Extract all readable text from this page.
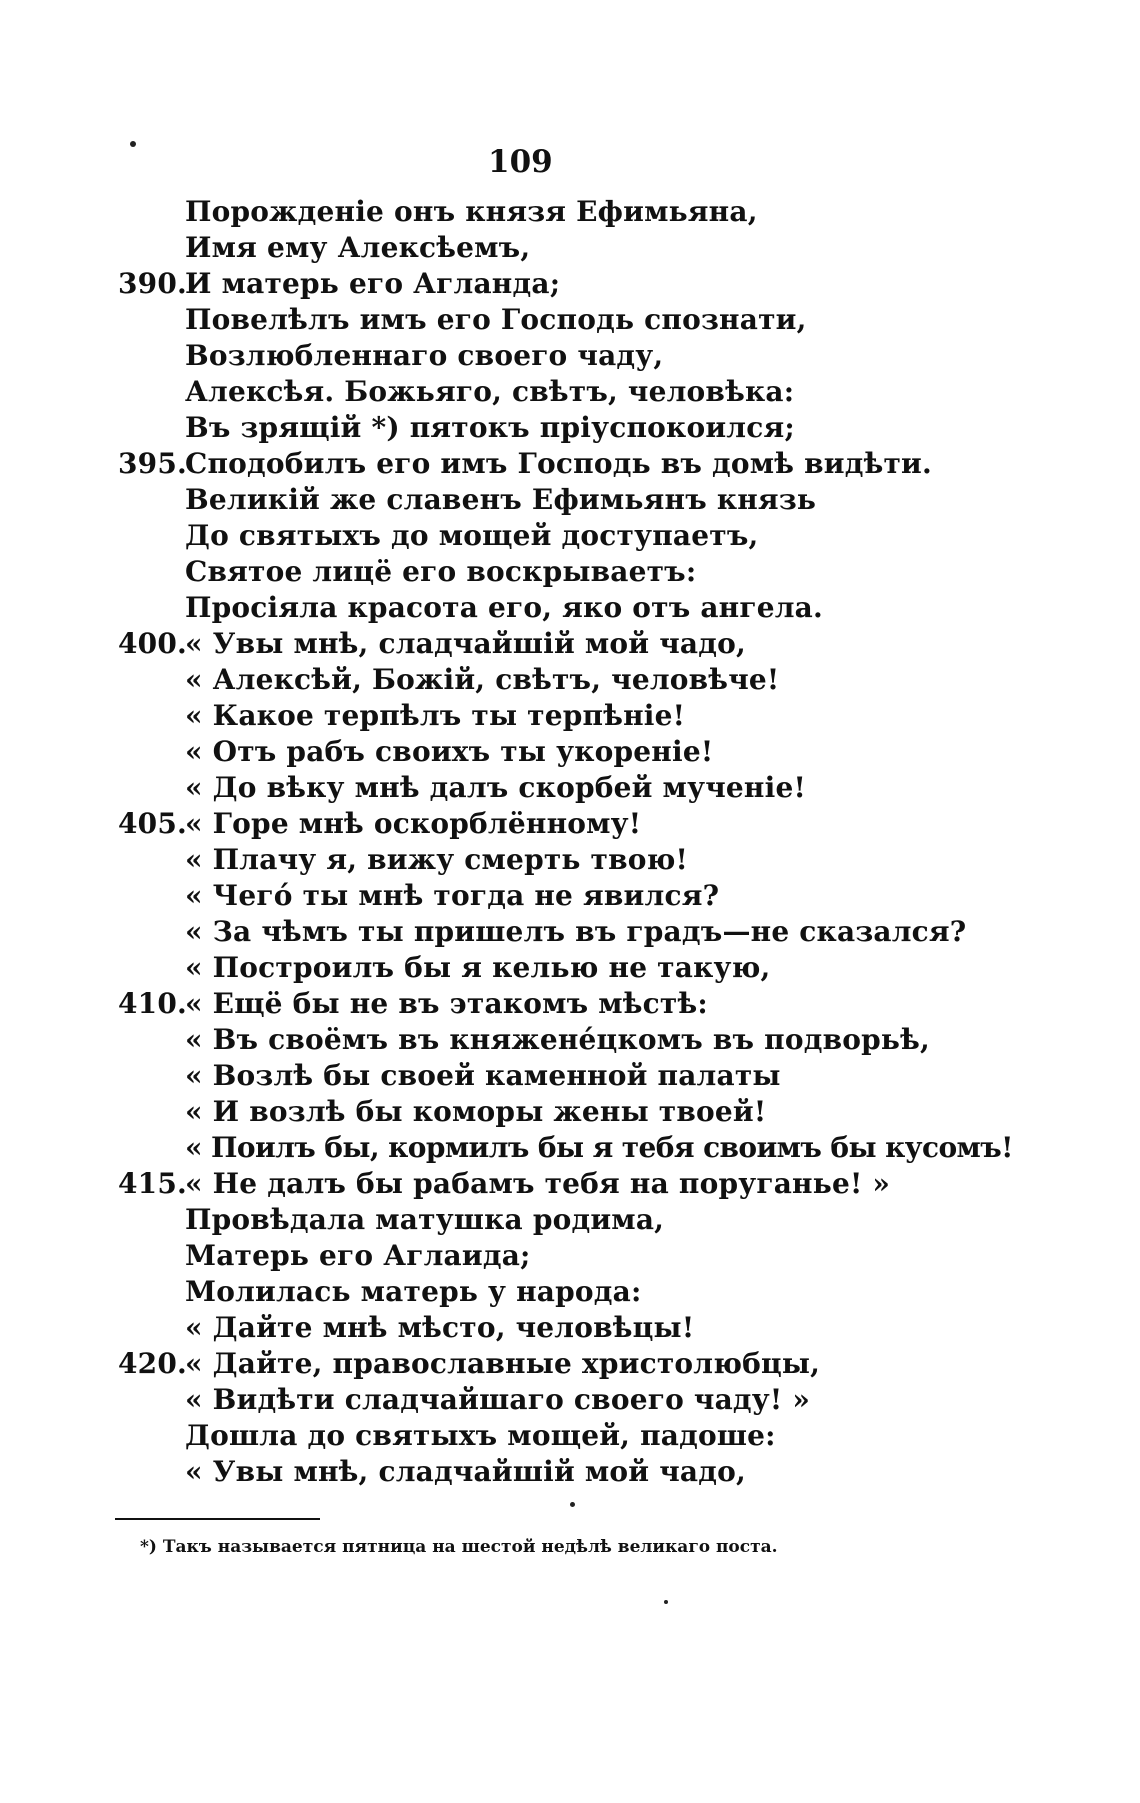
109
Порожденіе онъ князя Ефимьяна,
Имя ему Алексѣемъ,
390.
И матерь его Агланда;
Повелѣлъ имъ его Господь спознати,
Возлюбленнаго своего чаду,
Алексѣя. Божьяго, свѣтъ, человѣка:
Въ зрящій *) пятокъ пріуспокоился;
395.
Сподобилъ его имъ Господь въ домѣ видѣти.
Великій же славенъ Ефимьянъ князь
До святыхъ до мощей доступаетъ,
Святое лицё его воскрываетъ:
Просіяла красота его, яко отъ ангела.
400.
« Увы мнѣ, сладчайшій мой чадо,
« Алексѣй, Божій, свѣтъ, человѣче!
« Какое терпѣлъ ты терпѣніе!
« Отъ рабъ своихъ ты укореніе!
« До вѣку мнѣ далъ скорбей мученіе!
405.
« Горе мнѣ оскорблённому!
« Плачу я, вижу смерть твою!
« Чегó ты мнѣ тогда не явился?
« За чѣмъ ты пришелъ въ градъ—не сказался?
« Построилъ бы я келью не такую,
410.
« Ещё бы не въ этакомъ мѣстѣ:
« Въ своёмъ въ княженéцкомъ въ подворьѣ,
« Возлѣ бы своей каменной палаты
« И возлѣ бы коморы жены твоей!
« Поилъ бы, кормилъ бы я тебя своимъ бы кусомъ!
415.
« Не далъ бы рабамъ тебя на поруганье! »
Провѣдала матушка родима,
Матерь его Аглаида;
Молилась матерь у народа:
« Дайте мнѣ мѣсто, человѣцы!
420.
« Дайте, православные христолюбцы,
« Видѣти сладчайшаго своего чаду! »
Дошла до святыхъ мощей, падоше:
« Увы мнѣ, сладчайшій мой чадо,
*) Такъ называется пятница на шестой недѣлѣ великаго поста.
